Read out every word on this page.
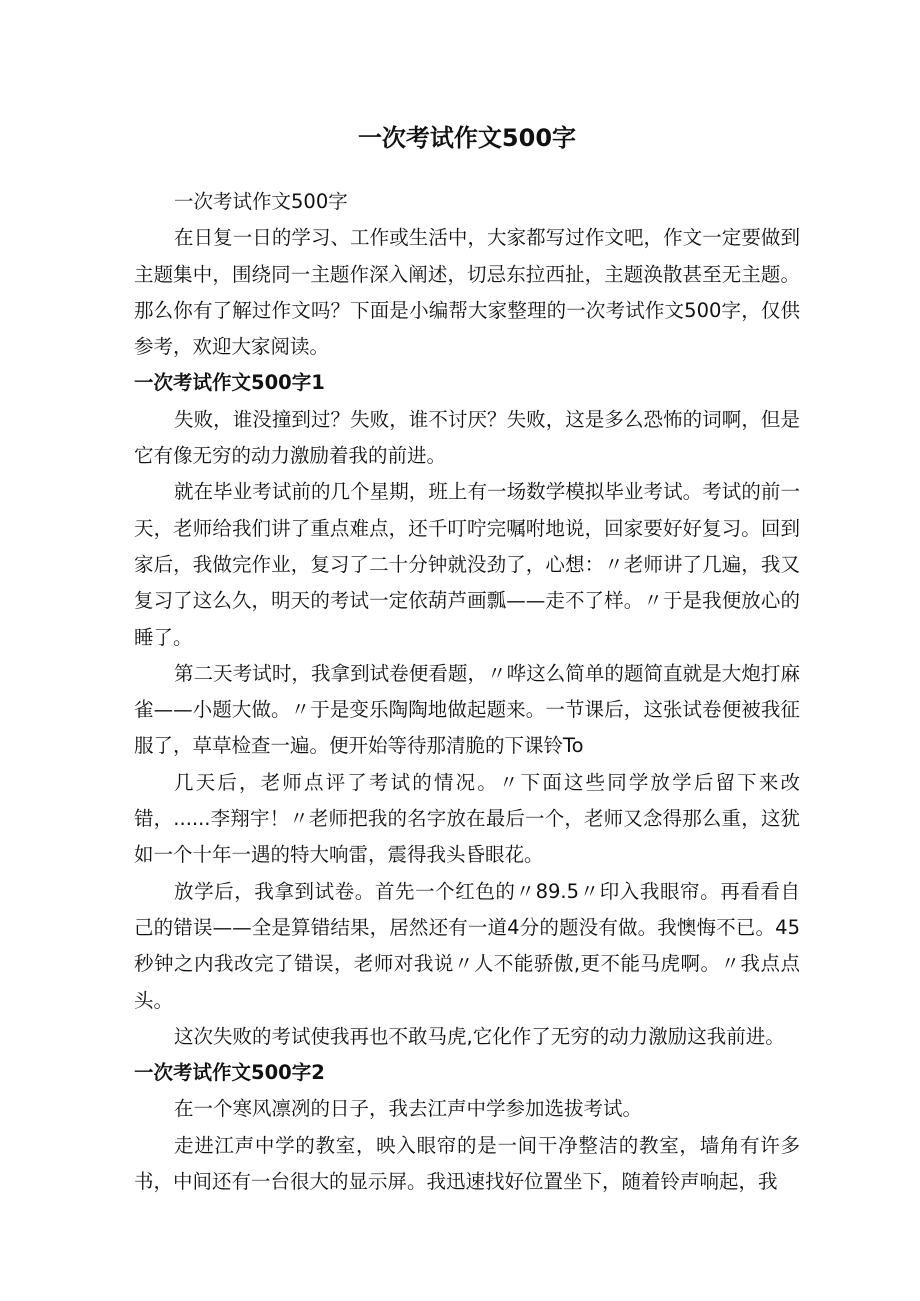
一次考试作文500字
一次考试作文500字
在日复一日的学习、工作或生活中，大家都写过作文吧，作文一定要做到主题集中，围绕同一主题作深入阐述，切忌东拉西扯，主题涣散甚至无主题。那么你有了解过作文吗？下面是小编帮大家整理的一次考试作文500字，仅供参考，欢迎大家阅读。
一次考试作文500字1
失败，谁没撞到过？失败，谁不讨厌？失败，这是多么恐怖的词啊，但是它有像无穷的动力激励着我的前进。
就在毕业考试前的几个星期，班上有一场数学模拟毕业考试。考试的前一天，老师给我们讲了重点难点，还千叮咛完嘱咐地说，回家要好好复习。回到家后，我做完作业，复习了二十分钟就没劲了，心想：〃老师讲了几遍，我又复习了这么久，明天的考试一定依葫芦画瓢——走不了样。〃于是我便放心的睡了。
第二天考试时，我拿到试卷便看题，〃哗这么简单的题简直就是大炮打麻雀——小题大做。〃于是变乐陶陶地做起题来。一节课后，这张试卷便被我征服了，草草检查一遍。便开始等待那清脆的下课铃To
几天后，老师点评了考试的情况。〃下面这些同学放学后留下来改错，......李翔宇！〃老师把我的名字放在最后一个，老师又念得那么重，这犹如一个十年一遇的特大响雷，震得我头昏眼花。
放学后，我拿到试卷。首先一个红色的〃89.5〃印入我眼帘。再看看自己的错误——全是算错结果，居然还有一道4分的题没有做。我懊悔不已。45秒钟之内我改完了错误，老师对我说〃人不能骄傲,更不能马虎啊。〃我点点头。
这次失败的考试使我再也不敢马虎,它化作了无穷的动力激励这我前进。
一次考试作文500字2
在一个寒风凛冽的日子，我去江声中学参加选拔考试。
走进江声中学的教室，映入眼帘的是一间干净整洁的教室，墙角有许多书，中间还有一台很大的显示屏。我迅速找好位置坐下，随着铃声响起，我
